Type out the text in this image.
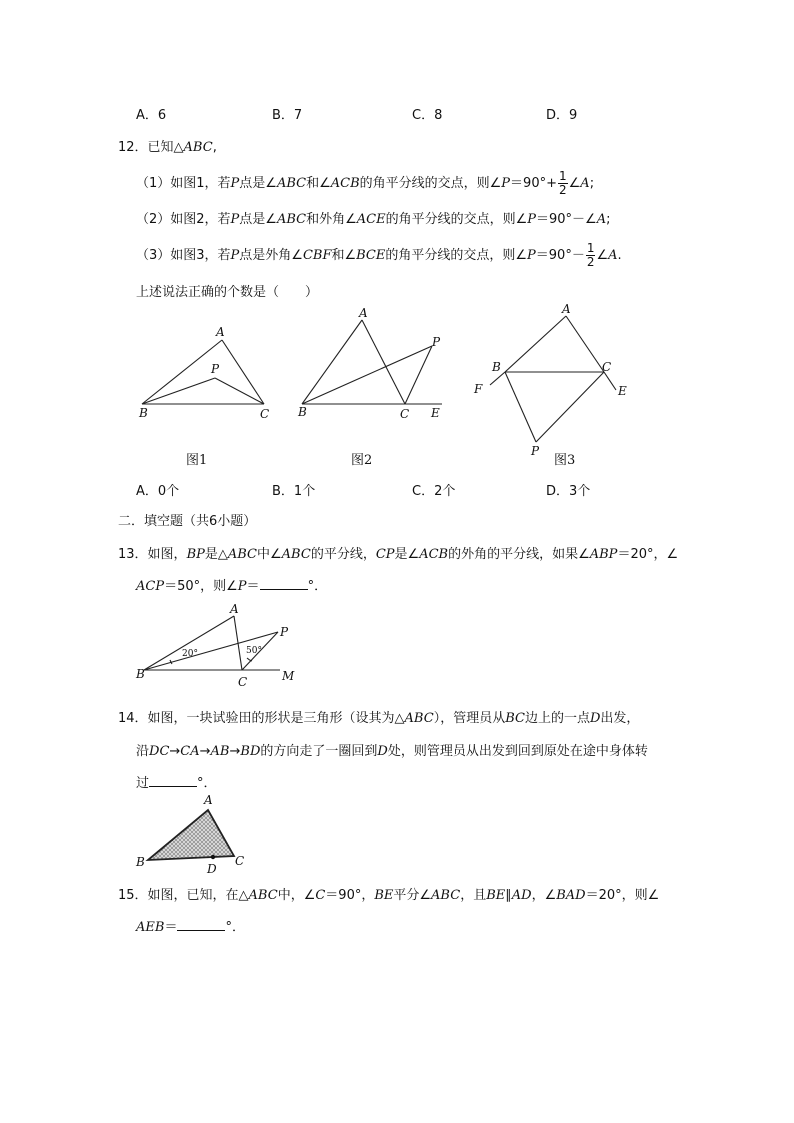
A．6	B．7	C．8	D．9
12．已知△ABC,
（1）如图1，若P点是∠ABC和∠ACB的角平分线的交点，则∠P＝90°+ $\frac{1}{2}$ ∠A;
（2）如图2，若P点是∠ABC和外角∠ACE的角平分线的交点，则∠P＝90°－∠A;
（3）如图3，若P点是外角∠CBF和∠BCE的角平分线的交点，则∠P＝90°－ $\frac{1}{2}$ ∠A.
上述说法正确的个数是（　　）
A
P
B	C
A
P
B	C E
A
B	C
F	E
P
图1	图2	图3
A．0个	B．1个	C．2个	D．3个
二．填空题（共6小题）
13．如图，BP是△ABC中∠ABC的平分线，CP是∠ACB的外角的平分线，如果∠ABP＝20°，∠
ACP＝50°，则∠P＝	°．
A
P
B
C	M
20°	50°
14．如图，一块试验田的形状是三角形（设其为△ABC），管理员从BC边上的一点D出发，
沿DC→CA→AB→BD的方向走了一圈回到D处，则管理员从出发到回到原处在途中身体转
过	°．
A
B	C
D
15．如图，已知，在△ABC中，∠C＝90°，BE平分∠ABC，且BE∥AD，∠BAD＝20°，则∠
AEB＝	°．
